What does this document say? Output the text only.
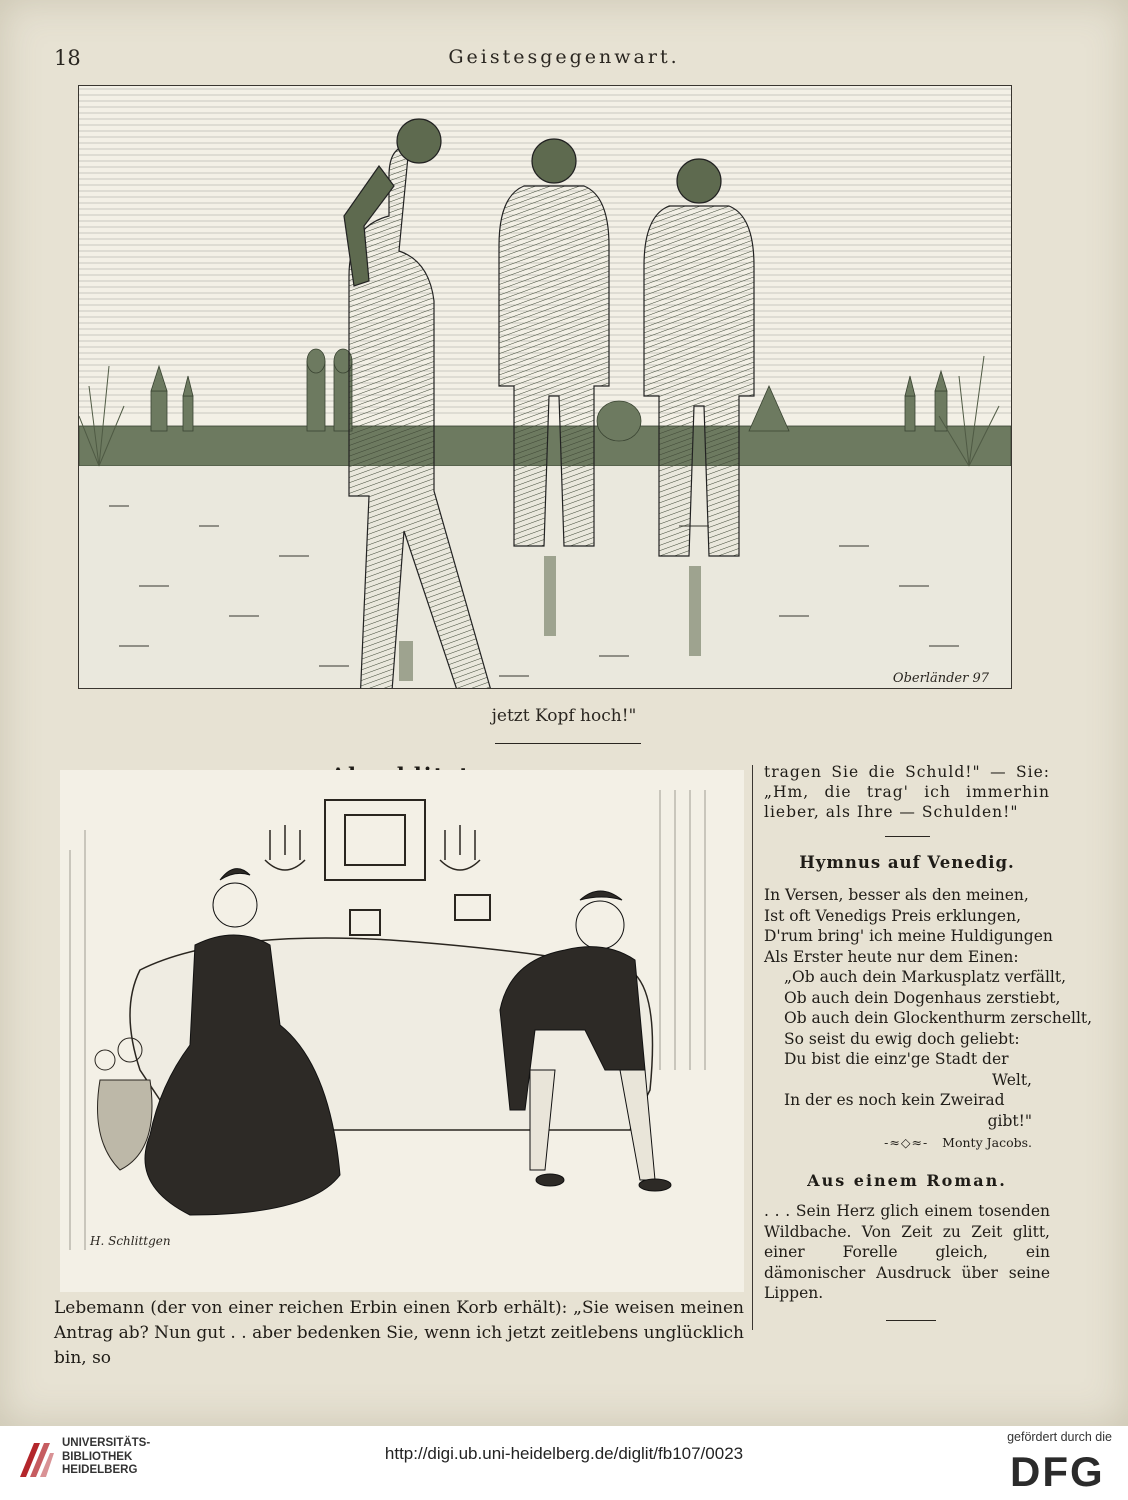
18	Geistesgegenwart.
Oberländer 97
jetzt Kopf hoch!"
H. Schlittgen
Lebemann (der von einer reichen Erbin einen Korb erhält): „Sie weisen meinen Antrag ab? Nun gut . . aber bedenken Sie, wenn ich jetzt zeitlebens unglücklich bin, so
tragen Sie die Schuld!" — Sie: „Hm, die trag' ich immerhin lieber, als Ihre — Schulden!"
Hymnus auf Venedig.
In Versen, besser als den meinen,
Ist oft Venedigs Preis erklungen,
D'rum bring' ich meine Huldigungen
Als Erster heute nur dem Einen:
„Ob auch dein Markusplatz verfällt,
Ob auch dein Dogenhaus zerstiebt,
Ob auch dein Glockenthurm zerschellt,
So seist du ewig doch geliebt:
Du bist die einz'ge Stadt der
Welt,
In der es noch kein Zweirad
gibt!"
-≈◇≈- Monty Jacobs.
Aus einem Roman.
. . . Sein Herz glich einem tosenden Wildbache. Von Zeit zu Zeit glitt, einer Forelle gleich, ein dämonischer Ausdruck über seine Lippen.
UNIVERSITÄTS-
BIBLIOTHEK
HEIDELBERG
http://digi.ub.uni-heidelberg.de/diglit/fb107/0023
gefördert durch die
DFG
